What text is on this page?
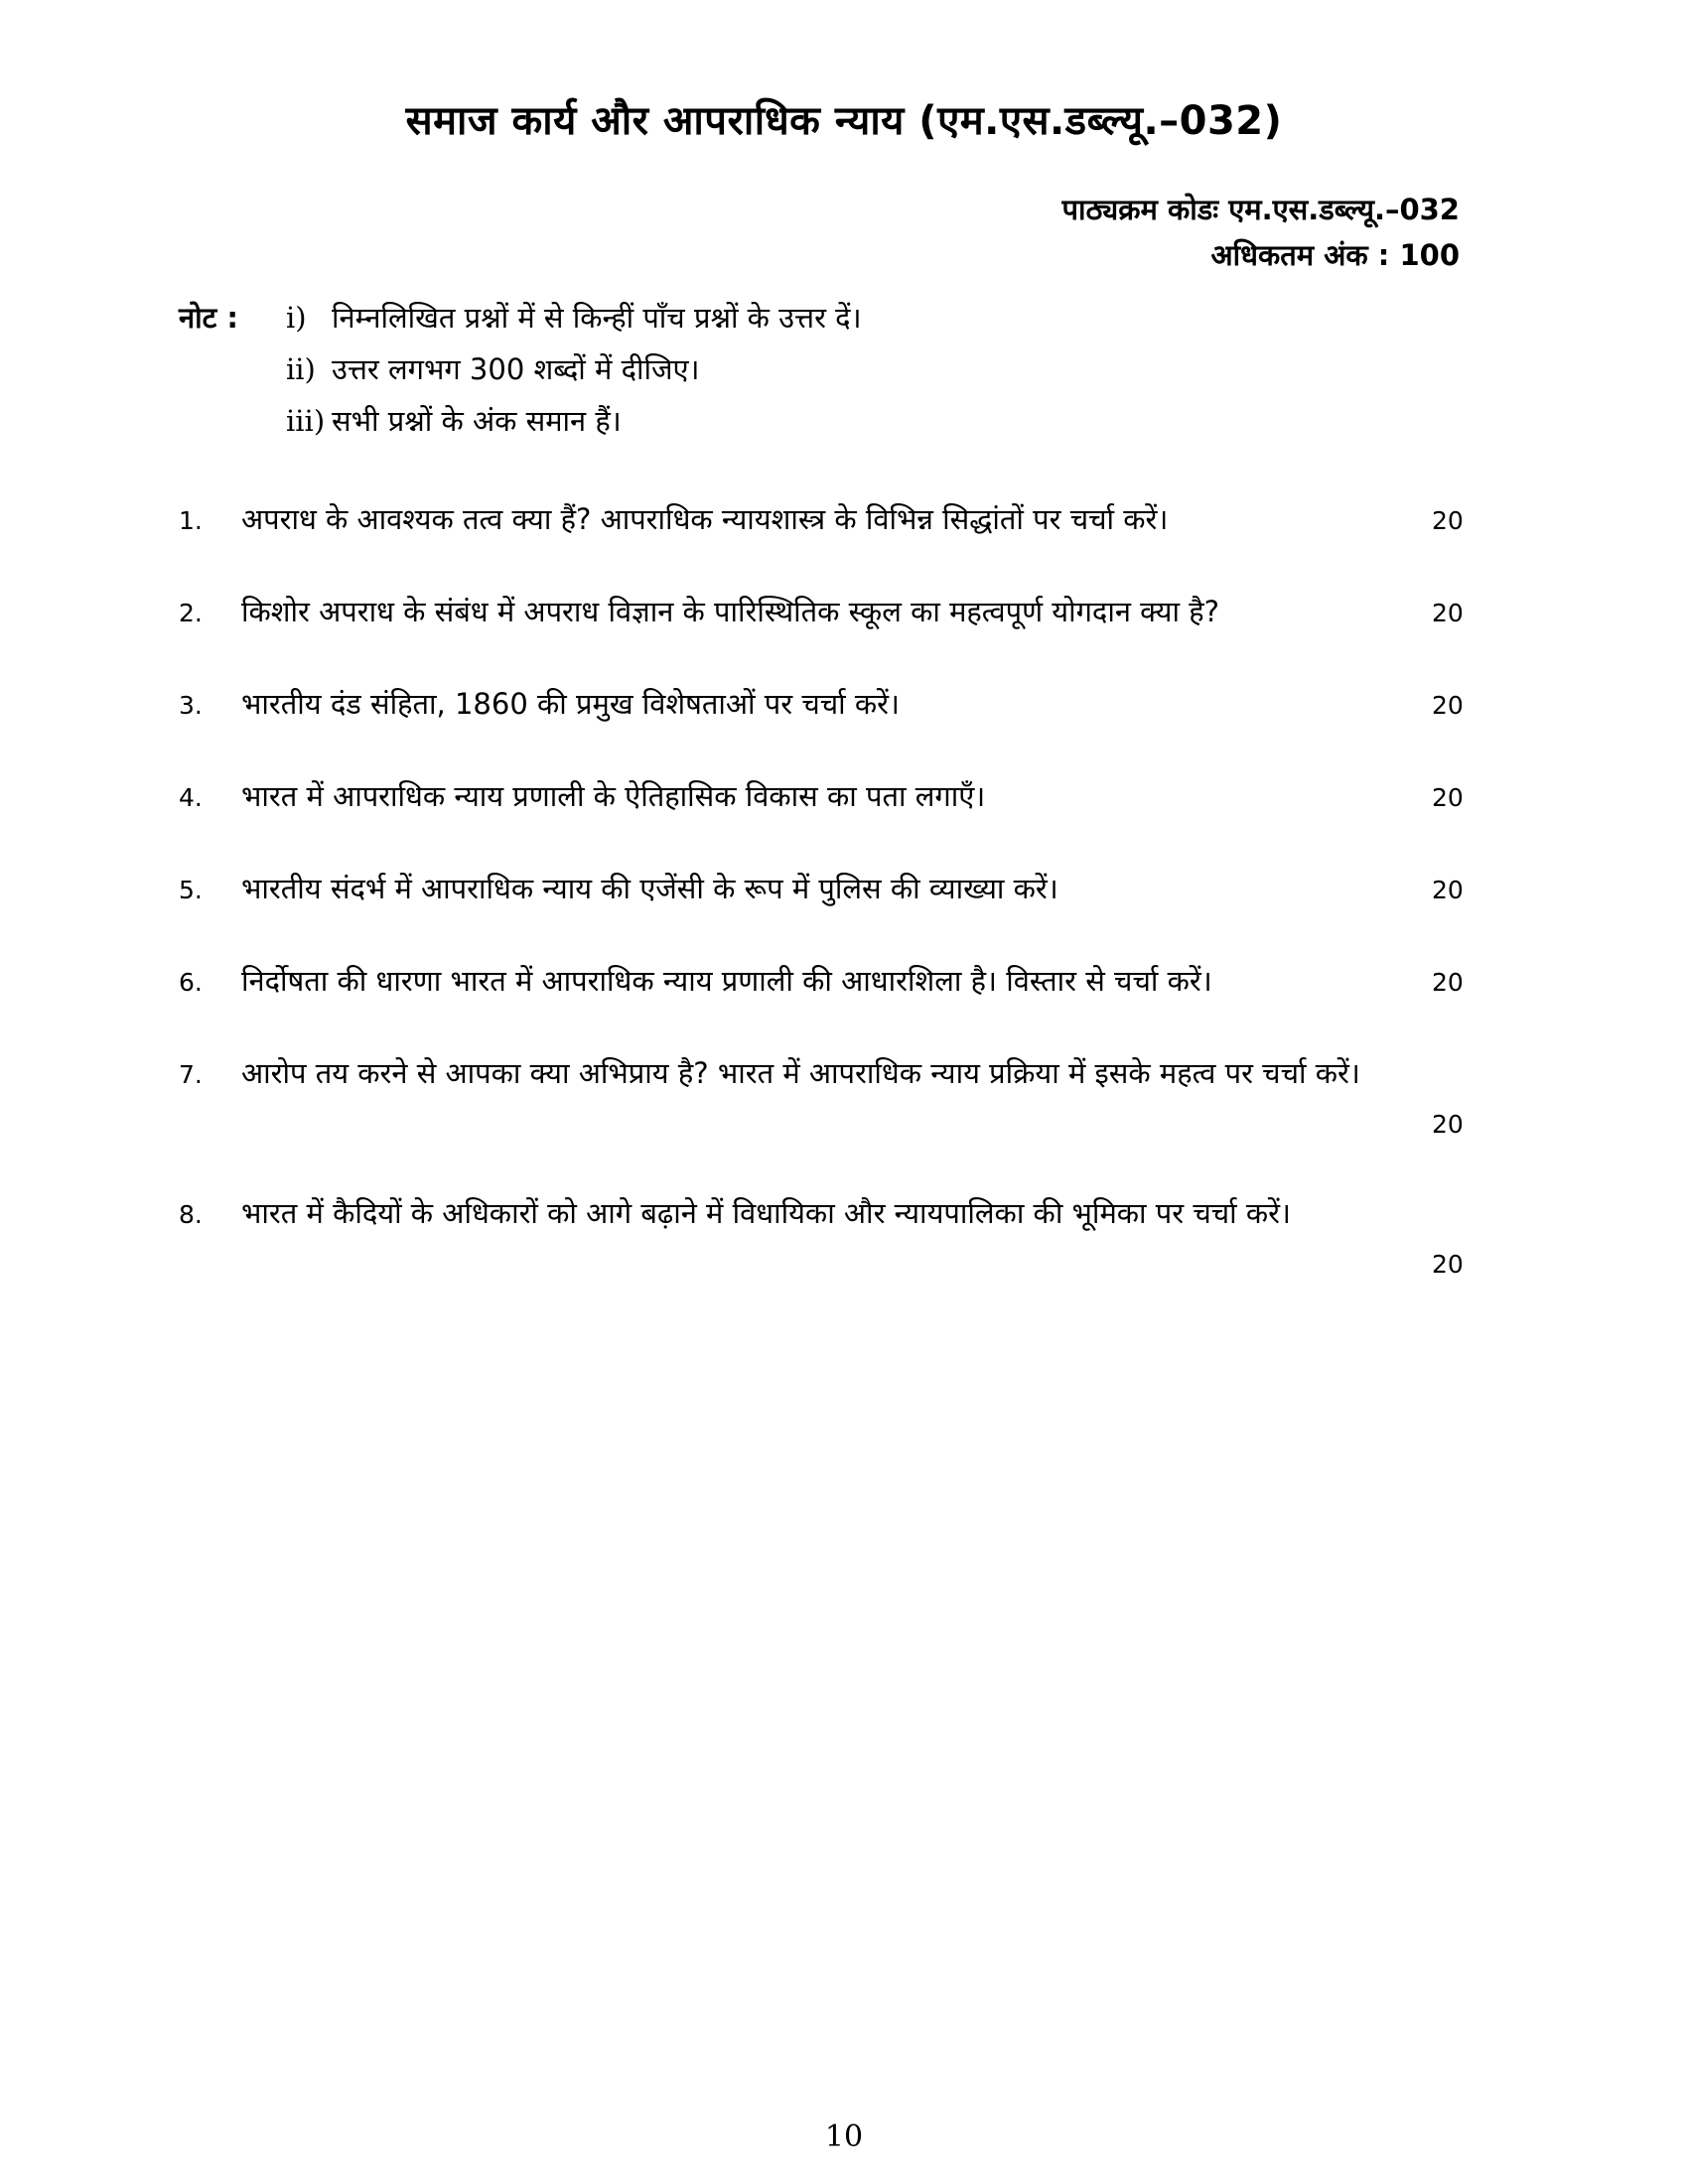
समाज कार्य और आपराधिक न्याय (एम.एस.डब्ल्यू.–032)
पाठ्यक्रम कोडः एम.एस.डब्ल्यू.–032
अधिकतम अंक : 100
नोट : i) निम्नलिखित प्रश्नों में से किन्हीं पाँच प्रश्नों के उत्तर दें।
ii) उत्तर लगभग 300 शब्दों में दीजिए।
iii) सभी प्रश्नों के अंक समान हैं।
1. अपराध के आवश्यक तत्व क्या हैं? आपराधिक न्यायशास्त्र के विभिन्न सिद्धांतों पर चर्चा करें।	20
2. किशोर अपराध के संबंध में अपराध विज्ञान के पारिस्थितिक स्कूल का महत्वपूर्ण योगदान क्या है?	20
3. भारतीय दंड संहिता, 1860 की प्रमुख विशेषताओं पर चर्चा करें।	20
4. भारत में आपराधिक न्याय प्रणाली के ऐतिहासिक विकास का पता लगाएँ।	20
5. भारतीय संदर्भ में आपराधिक न्याय की एजेंसी के रूप में पुलिस की व्याख्या करें।	20
6. निर्दोषता की धारणा भारत में आपराधिक न्याय प्रणाली की आधारशिला है। विस्तार से चर्चा करें।	20
7. आरोप तय करने से आपका क्या अभिप्राय है? भारत में आपराधिक न्याय प्रक्रिया में इसके महत्व पर चर्चा करें।
20
8. भारत में कैदियों के अधिकारों को आगे बढ़ाने में विधायिका और न्यायपालिका की भूमिका पर चर्चा करें।
20
10
